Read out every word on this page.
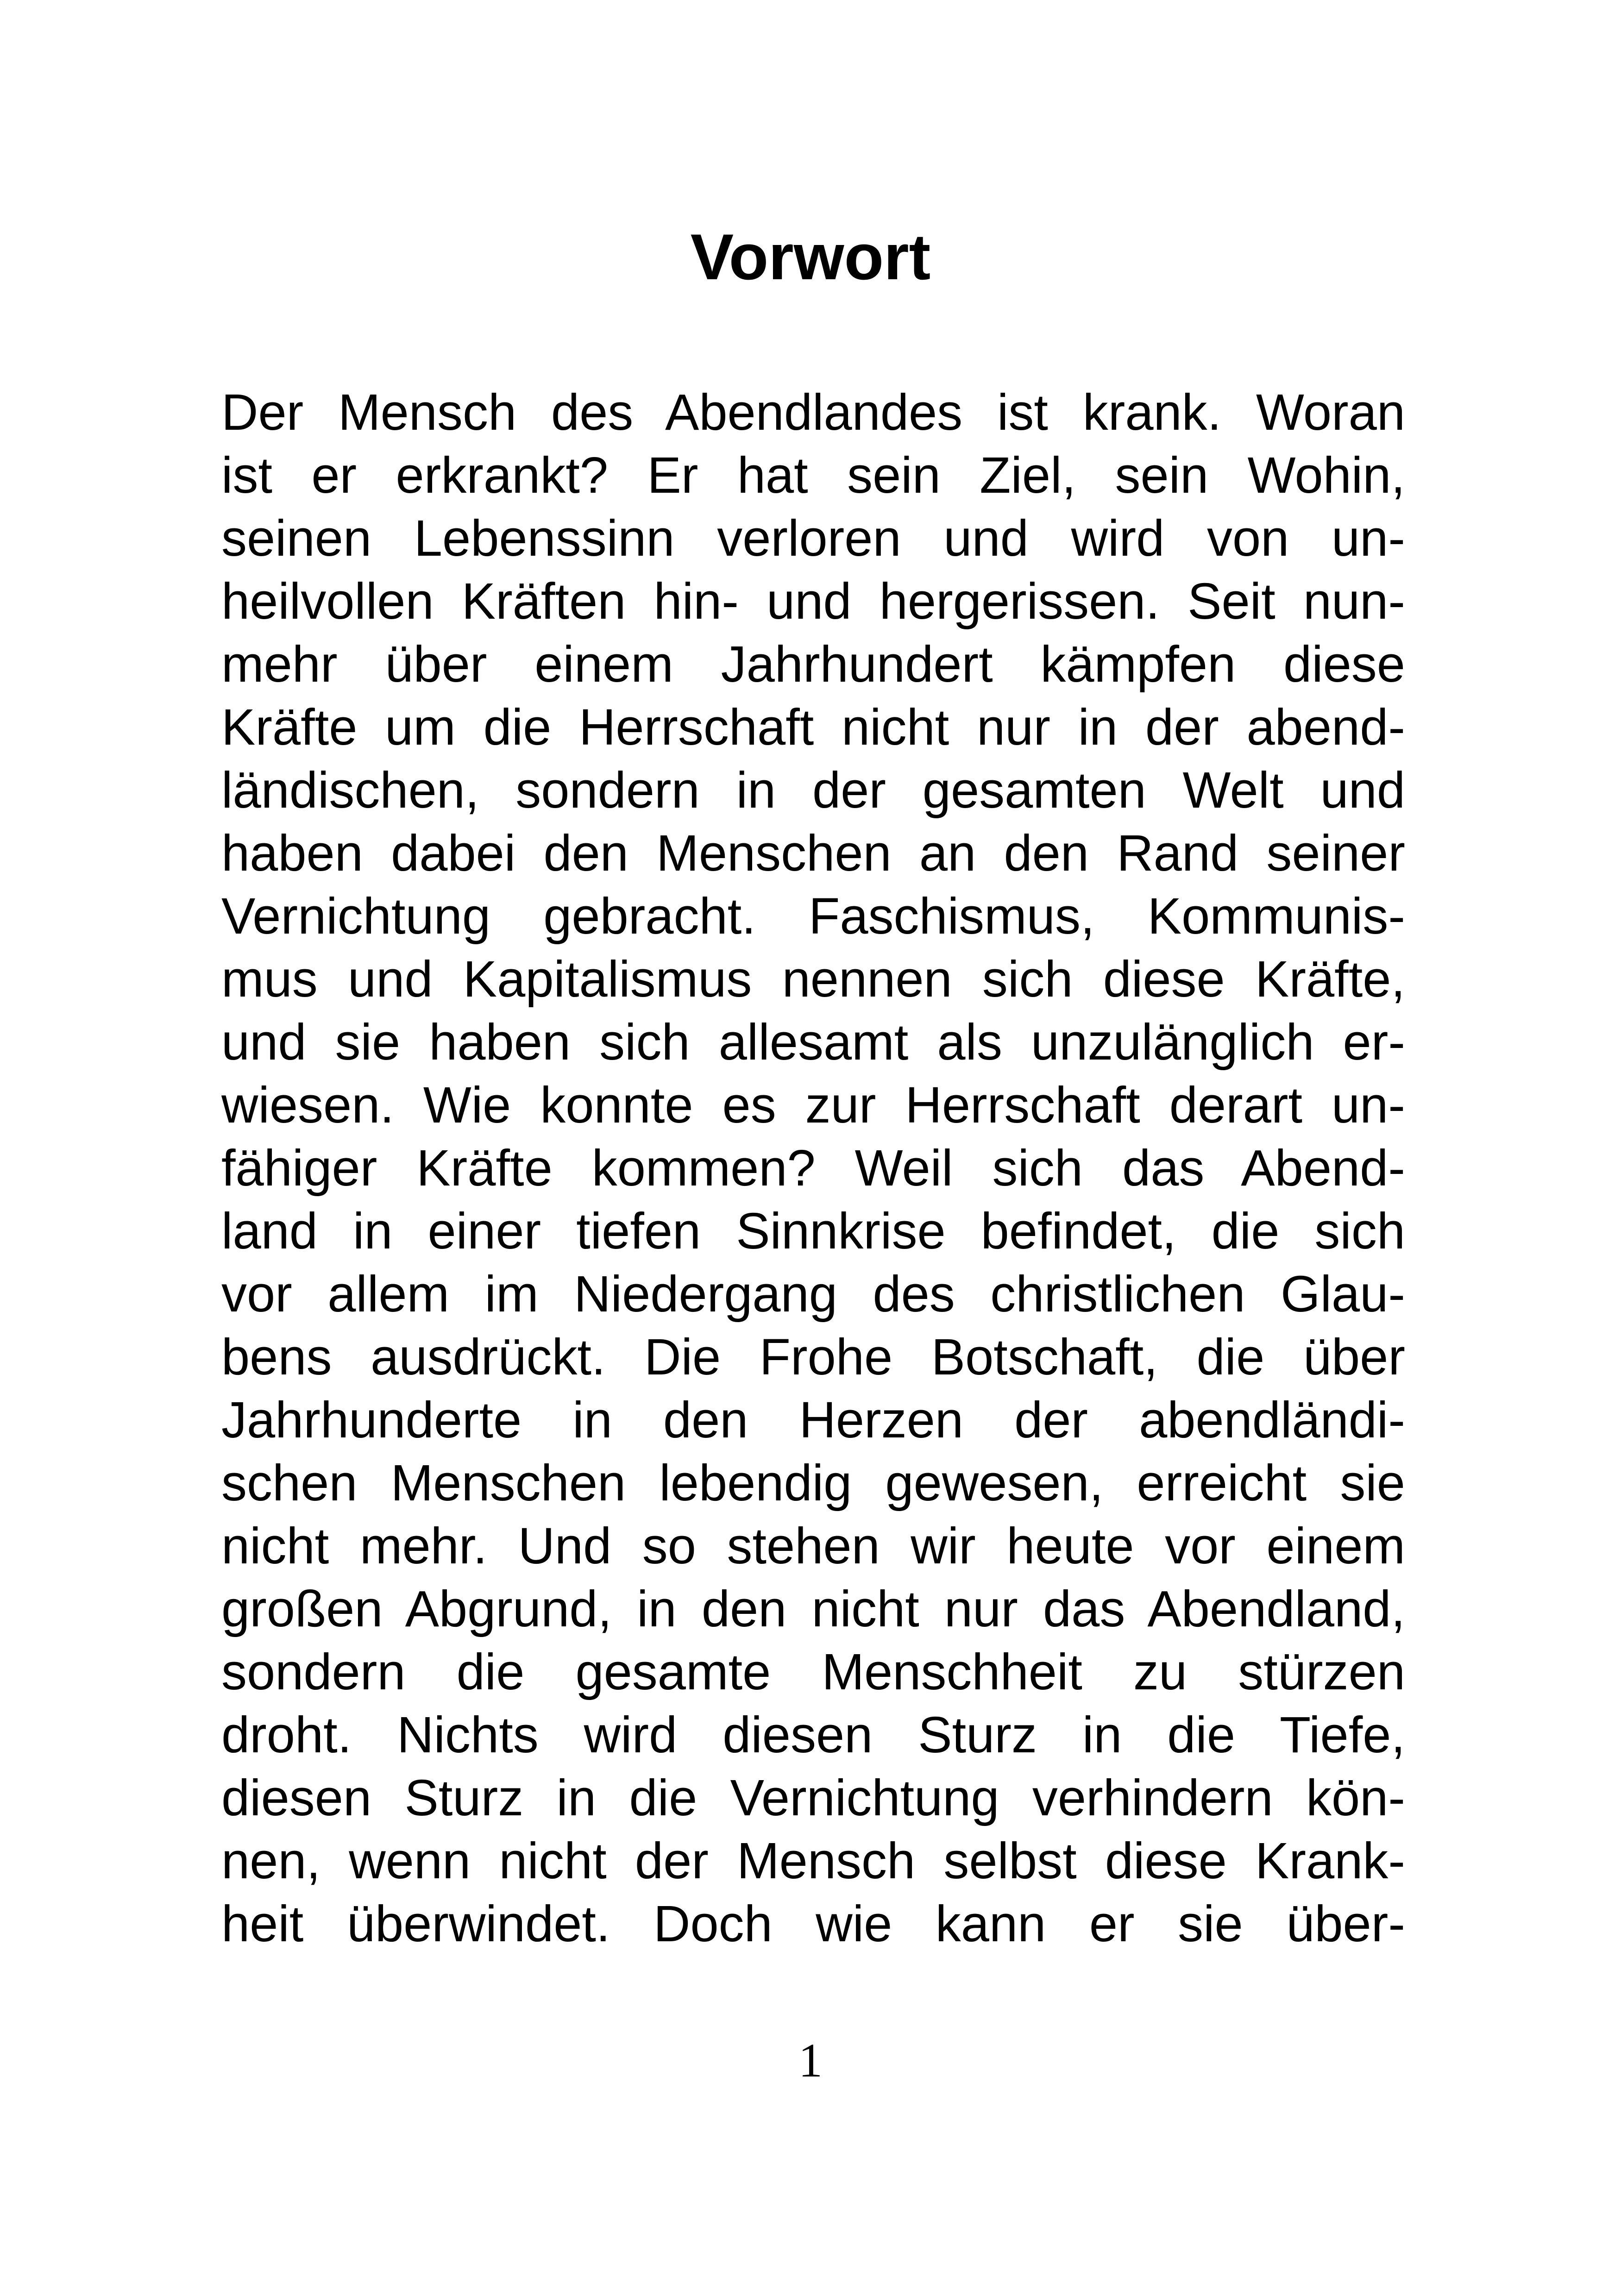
Vorwort
Der Mensch des Abendlandes ist krank. Woran
ist er erkrankt? Er hat sein Ziel, sein Wohin,
seinen Lebenssinn verloren und wird von un-
heilvollen Kräften hin- und hergerissen. Seit nun-
mehr über einem Jahrhundert kämpfen diese
Kräfte um die Herrschaft nicht nur in der abend-
ländischen, sondern in der gesamten Welt und
haben dabei den Menschen an den Rand seiner
Vernichtung gebracht. Faschismus, Kommunis-
mus und Kapitalismus nennen sich diese Kräfte,
und sie haben sich allesamt als unzulänglich er-
wiesen. Wie konnte es zur Herrschaft derart un-
fähiger Kräfte kommen? Weil sich das Abend-
land in einer tiefen Sinnkrise befindet, die sich
vor allem im Niedergang des christlichen Glau-
bens ausdrückt. Die Frohe Botschaft, die über
Jahrhunderte in den Herzen der abendländi-
schen Menschen lebendig gewesen, erreicht sie
nicht mehr. Und so stehen wir heute vor einem
großen Abgrund, in den nicht nur das Abendland,
sondern die gesamte Menschheit zu stürzen
droht. Nichts wird diesen Sturz in die Tiefe,
diesen Sturz in die Vernichtung verhindern kön-
nen, wenn nicht der Mensch selbst diese Krank-
heit überwindet. Doch wie kann er sie über-
1
